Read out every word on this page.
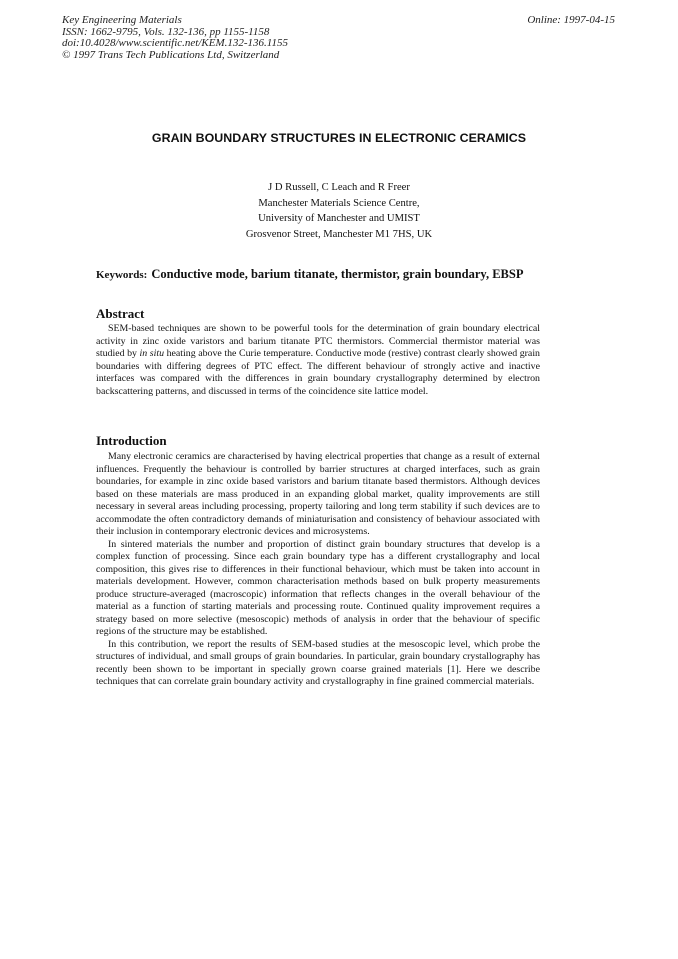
Key Engineering Materials
ISSN: 1662-9795, Vols. 132-136, pp 1155-1158
doi:10.4028/www.scientific.net/KEM.132-136.1155
© 1997 Trans Tech Publications Ltd, Switzerland
Online: 1997-04-15
GRAIN BOUNDARY STRUCTURES IN ELECTRONIC CERAMICS
J D Russell, C Leach and R Freer
Manchester Materials Science Centre,
University of Manchester and UMIST
Grosvenor Street, Manchester M1 7HS, UK
Keywords: Conductive mode, barium titanate, thermistor, grain boundary, EBSP
Abstract

SEM-based techniques are shown to be powerful tools for the determination of grain boundary electrical activity in zinc oxide varistors and barium titanate PTC thermistors. Commercial thermistor material was studied by in situ heating above the Curie temperature. Conductive mode (restive) contrast clearly showed grain boundaries with differing degrees of PTC effect. The different behaviour of strongly active and inactive interfaces was compared with the differences in grain boundary crystallography determined by electron backscattering patterns, and discussed in terms of the coincidence site lattice model.

Introduction

Many electronic ceramics are characterised by having electrical properties that change as a result of external influences. Frequently the behaviour is controlled by barrier structures at charged interfaces, such as grain boundaries, for example in zinc oxide based varistors and barium titanate based thermistors. Although devices based on these materials are mass produced in an expanding global market, quality improvements are still necessary in several areas including processing, property tailoring and long term stability if such devices are to accommodate the often contradictory demands of miniaturisation and consistency of behaviour associated with their inclusion in contemporary electronic devices and microsystems.

In sintered materials the number and proportion of distinct grain boundary structures that develop is a complex function of processing. Since each grain boundary type has a different crystallography and local composition, this gives rise to differences in their functional behaviour, which must be taken into account in materials development. However, common characterisation methods based on bulk property measurements produce structure-averaged (macroscopic) information that reflects changes in the overall behaviour of the material as a function of starting materials and processing route. Continued quality improvement requires a strategy based on more selective (mesoscopic) methods of analysis in order that the behaviour of specific regions of the structure may be established.

In this contribution, we report the results of SEM-based studies at the mesoscopic level, which probe the structures of individual, and small groups of grain boundaries. In particular, grain boundary crystallography has recently been shown to be important in specially grown coarse grained materials [1]. Here we describe techniques that can correlate grain boundary activity and crystallography in fine grained commercial materials.
